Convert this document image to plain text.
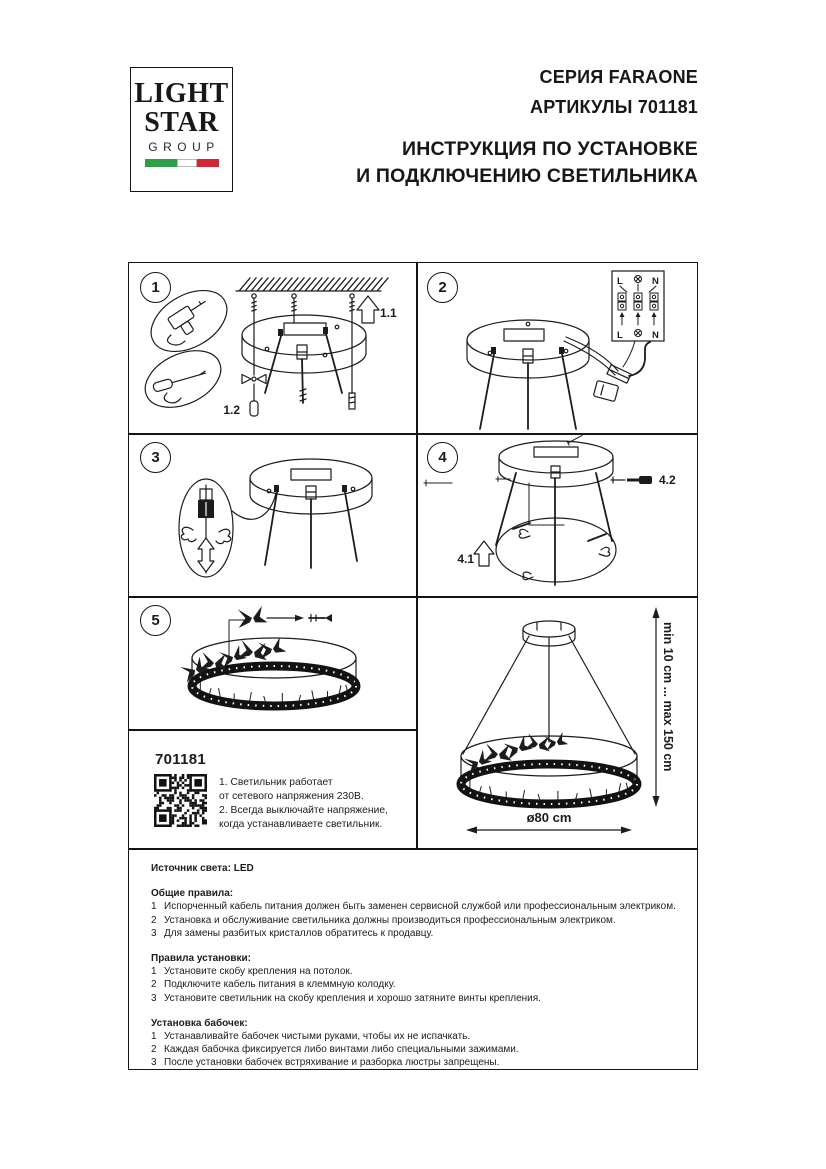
LIGHT
STAR
GROUP
СЕРИЯ FARAONE
АРТИКУЛЫ 701181
ИНСТРУКЦИЯ ПО УСТАНОВКЕ
И ПОДКЛЮЧЕНИЮ СВЕТИЛЬНИКА
1
1.2
1.1
2	L	N
L	N
3	4
4.2
4.1
5
701181
1. Светильник работает
от сетевого напряжения 230В.
2. Всегда выключайте напряжение,
когда устанавливаете светильник.
min 10 cm ... max 150 cm
ø80 cm
Источник света: LED
Общие правила:
1 Испорченный кабель питания должен быть заменен сервисной службой или профессиональным электриком.
2 Установка и обслуживание светильника должны производиться профессиональным электриком.
3 Для замены разбитых кристаллов обратитесь к продавцу.
Правила установки:
1 Установите скобу крепления на потолок.
2 Подключите кабель питания в клеммную колодку.
3 Установите светильник на скобу крепления и хорошо затяните винты крепления.
Установка бабочек:
1 Устанавливайте бабочек чистыми руками, чтобы их не испачкать.
2 Каждая бабочка фиксируется либо винтами либо специальными зажимами.
3 После установки бабочек встряхивание и разборка люстры запрещены.
